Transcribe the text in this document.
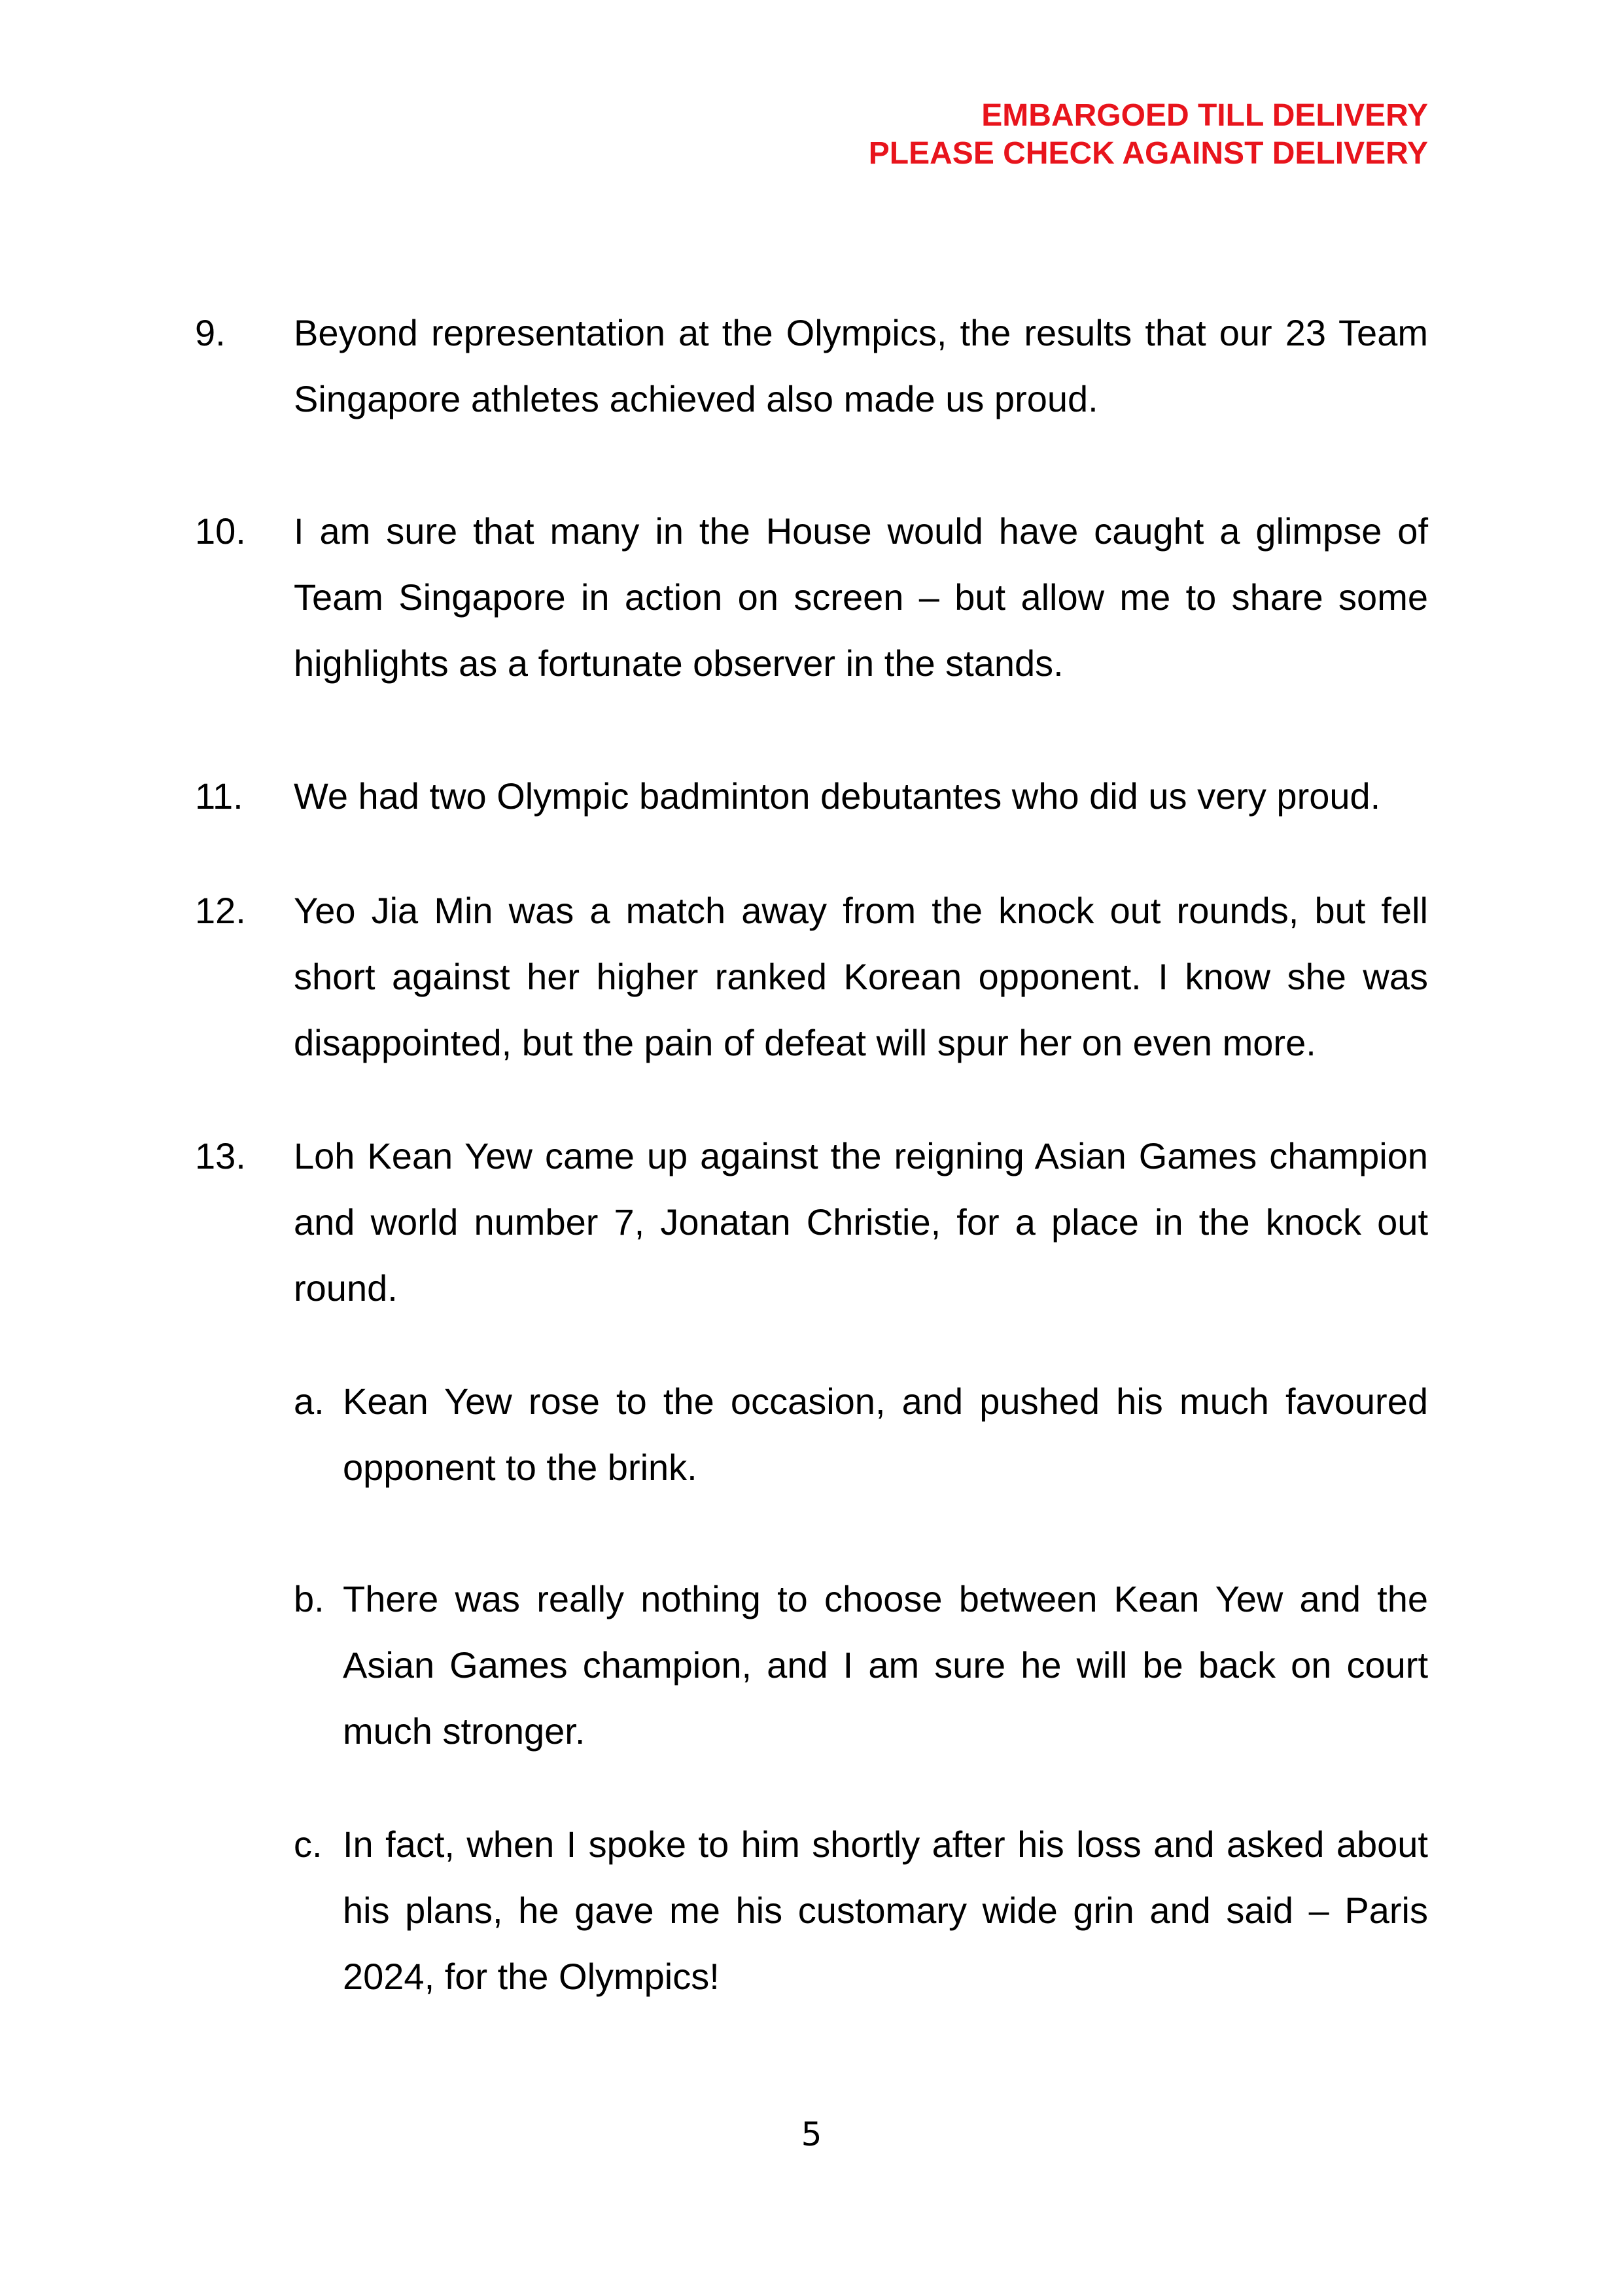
EMBARGOED TILL DELIVERY
PLEASE CHECK AGAINST DELIVERY
9. Beyond representation at the Olympics, the results that our 23 Team Singapore athletes achieved also made us proud.
10. I am sure that many in the House would have caught a glimpse of Team Singapore in action on screen – but allow me to share some highlights as a fortunate observer in the stands.
11. We had two Olympic badminton debutantes who did us very proud.
12. Yeo Jia Min was a match away from the knock out rounds, but fell short against her higher ranked Korean opponent. I know she was disappointed, but the pain of defeat will spur her on even more.
13. Loh Kean Yew came up against the reigning Asian Games champion and world number 7, Jonatan Christie, for a place in the knock out round.
a. Kean Yew rose to the occasion, and pushed his much favoured opponent to the brink.
b. There was really nothing to choose between Kean Yew and the Asian Games champion, and I am sure he will be back on court much stronger.
c. In fact, when I spoke to him shortly after his loss and asked about his plans, he gave me his customary wide grin and said – Paris 2024, for the Olympics!
5
